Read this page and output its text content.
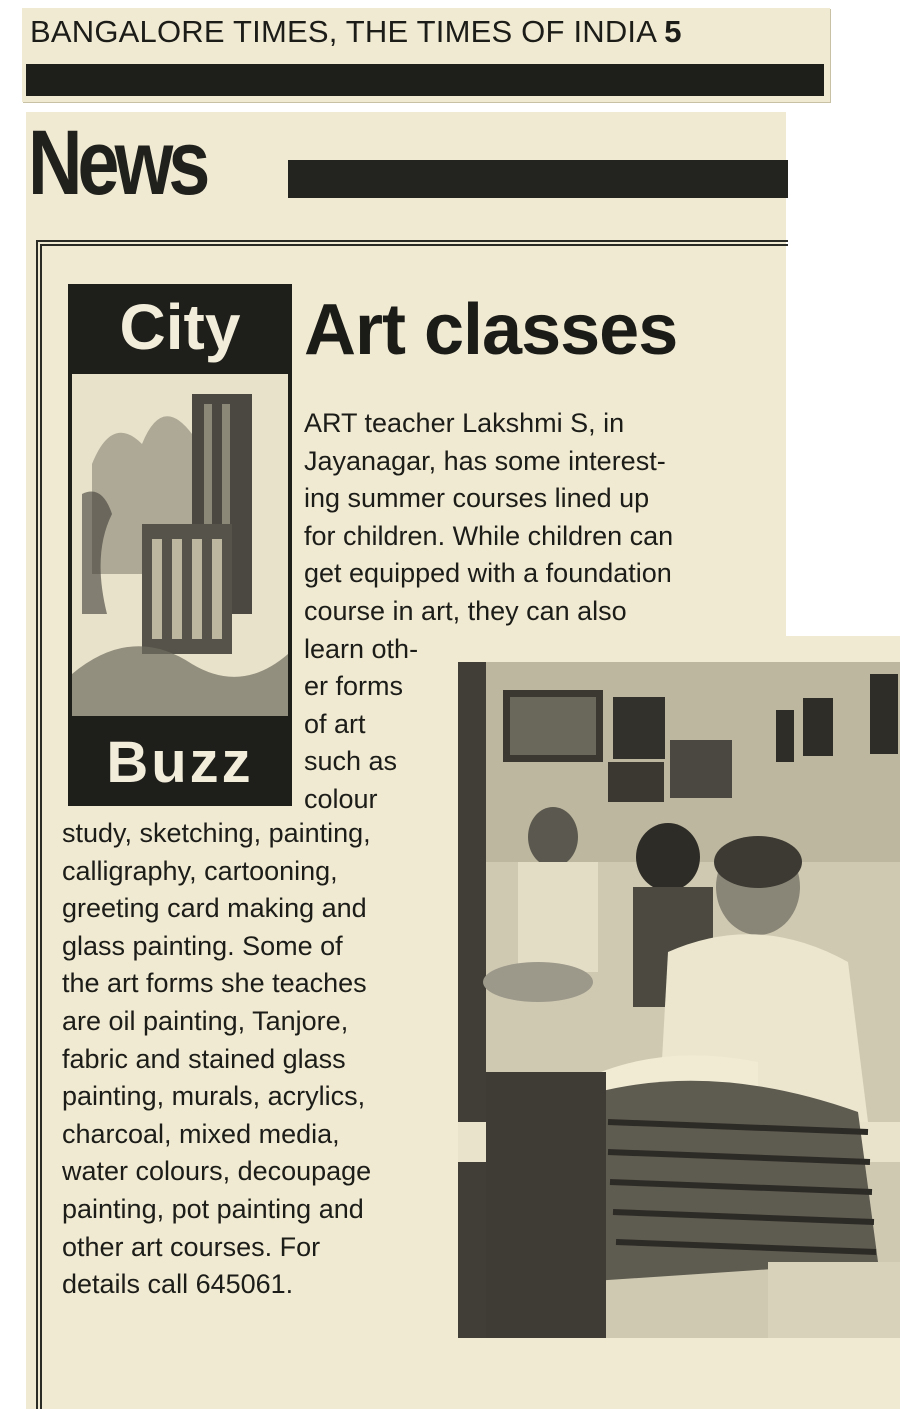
BANGALORE TIMES, THE TIMES OF INDIA 5
News
City
Buzz
Art classes
ART teacher Lakshmi S, in
Jayanagar, has some interest-
ing summer courses lined up
for children. While children can
get equipped with a foundation
course in art, they can also
learn oth-
er forms
of art
such as
colour
study, sketching, painting,
calligraphy, cartooning,
greeting card making and
glass painting. Some of
the art forms she teaches
are oil painting, Tanjore,
fabric and stained glass
painting, murals, acrylics,
charcoal, mixed media,
water colours, decoupage
painting, pot painting and
other art courses. For
details call 645061.
